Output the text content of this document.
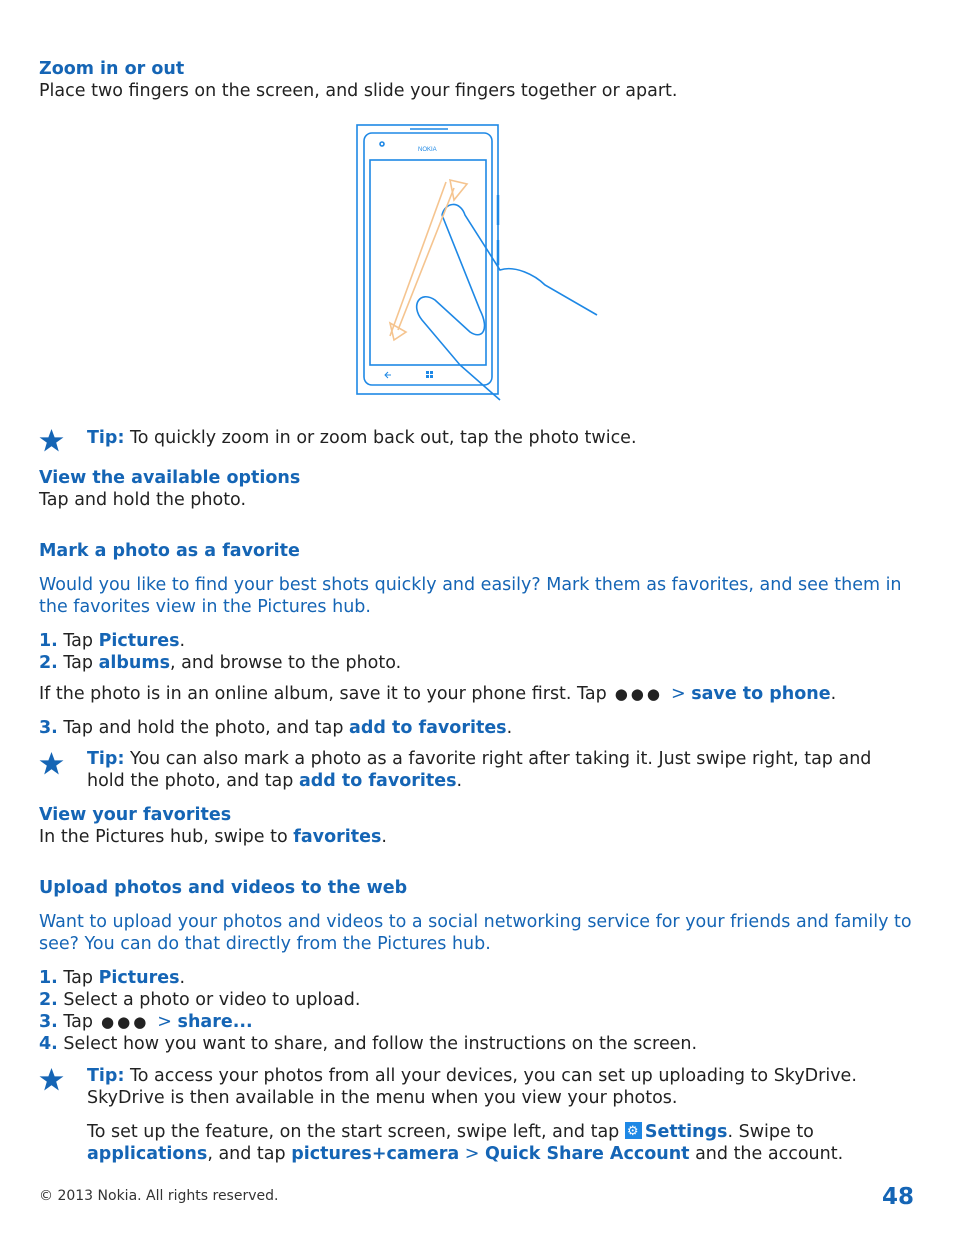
Zoom in or out
Place two fingers on the screen, and slide your fingers together or apart.
NOKIA
Tip: To quickly zoom in or zoom back out, tap the photo twice.
View the available options
Tap and hold the photo.
Mark a photo as a favorite
Would you like to find your best shots quickly and easily? Mark them as favorites, and see them in the favorites view in the Pictures hub.
1. Tap Pictures.
2. Tap albums, and browse to the photo.
If the photo is in an online album, save it to your phone first. Tap ●●● > save to phone.
3. Tap and hold the photo, and tap add to favorites.
Tip: You can also mark a photo as a favorite right after taking it. Just swipe right, tap and hold the photo, and tap add to favorites.
View your favorites
In the Pictures hub, swipe to favorites.
Upload photos and videos to the web
Want to upload your photos and videos to a social networking service for your friends and family to see? You can do that directly from the Pictures hub.
1. Tap Pictures.
2. Select a photo or video to upload.
3. Tap ●●● > share...
4. Select how you want to share, and follow the instructions on the screen.
Tip: To access your photos from all your devices, you can set up uploading to SkyDrive. SkyDrive is then available in the menu when you view your photos.
To set up the feature, on the start screen, swipe left, and tap ⚙Settings. Swipe to applications, and tap pictures+camera > Quick Share Account and the account.
© 2013 Nokia. All rights reserved.	48
